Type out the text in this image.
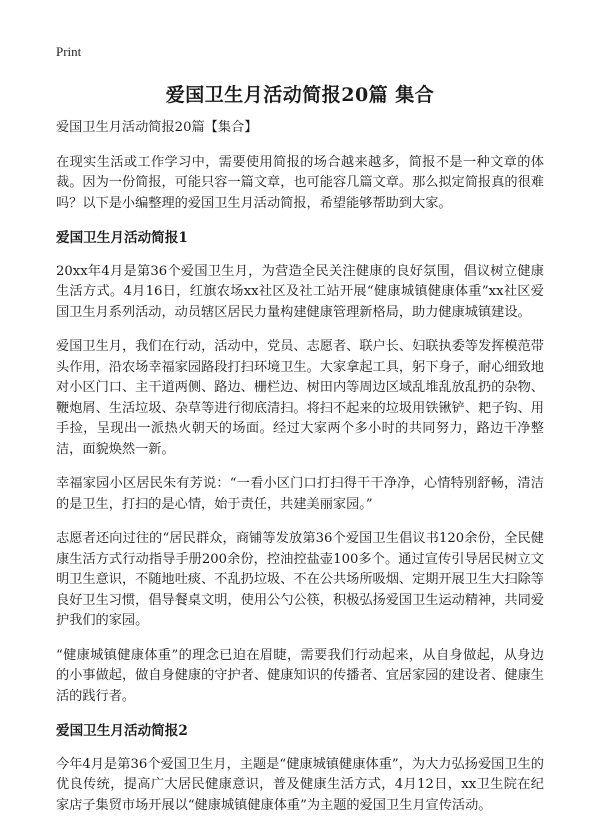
Print
爱国卫生月活动简报20篇 集合

爱国卫生月活动简报20篇【集合】

在现实生活或工作学习中，需要使用简报的场合越来越多，简报不是一种文章的体裁。因为一份简报，可能只容一篇文章，也可能容几篇文章。那么拟定简报真的很难吗？以下是小编整理的爱国卫生月活动简报，希望能够帮助到大家。

爱国卫生月活动简报1

20xx年4月是第36个爱国卫生月，为营造全民关注健康的良好氛围，倡议树立健康生活方式。4月16日，红旗农场xx社区及社工站开展“健康城镇健康体重”xx社区爱国卫生月系列活动，动员辖区居民力量构建健康管理新格局，助力健康城镇建设。

爱国卫生月，我们在行动，活动中，党员、志愿者、联户长、妇联执委等发挥模范带头作用，沿农场幸福家园路段打扫环境卫生。大家拿起工具，躬下身子，耐心细致地对小区门口、主干道两侧、路边、栅栏边、树田内等周边区域乱堆乱放乱扔的杂物、鞭炮屑、生活垃圾、杂草等进行彻底清扫。将扫不起来的垃圾用铁锹铲、耙子钩、用手捡，呈现出一派热火朝天的场面。经过大家两个多小时的共同努力，路边干净整洁，面貌焕然一新。

幸福家园小区居民朱有芳说：“一看小区门口打扫得干干净净，心情特别舒畅，清洁的是卫生，打扫的是心情，始于责任，共建美丽家园。”

志愿者还向过往的“居民群众，商铺等发放第36个爱国卫生倡议书120余份，全民健康生活方式行动指导手册200余份，控油控盐壶100多个。通过宣传引导居民树立文明卫生意识，不随地吐痰、不乱扔垃圾、不在公共场所吸烟、定期开展卫生大扫除等良好卫生习惯，倡导餐桌文明，使用公勺公筷，积极弘扬爱国卫生运动精神，共同爱护我们的家园。

“健康城镇健康体重”的理念已迫在眉睫，需要我们行动起来，从自身做起，从身边的小事做起，做自身健康的守护者、健康知识的传播者、宜居家园的建设者、健康生活的践行者。

爱国卫生月活动简报2

今年4月是第36个爱国卫生月，主题是“健康城镇健康体重”，为大力弘扬爱国卫生的优良传统，提高广大居民健康意识，普及健康生活方式，4月12日，xx卫生院在纪家店子集贸市场开展以“健康城镇健康体重”为主题的爱国卫生月宣传活动。
